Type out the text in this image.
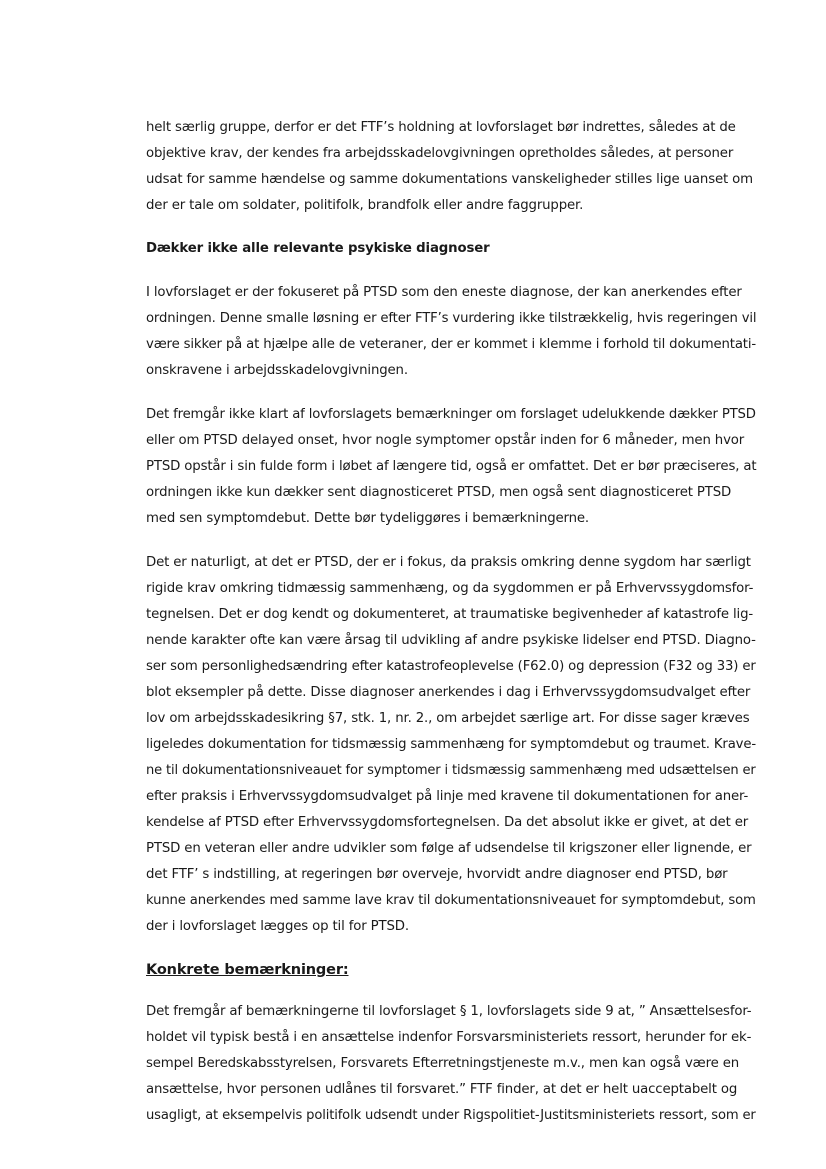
helt særlig gruppe, derfor er det FTF’s holdning at lovforslaget bør indrettes, således at de
objektive krav, der kendes fra arbejdsskadelovgivningen opretholdes således, at personer
udsat for samme hændelse og samme dokumentations vanskeligheder stilles lige uanset om
der er tale om soldater, politifolk, brandfolk eller andre faggrupper.
Dækker ikke alle relevante psykiske diagnoser
I lovforslaget er der fokuseret på PTSD som den eneste diagnose, der kan anerkendes efter
ordningen. Denne smalle løsning er efter FTF’s vurdering ikke tilstrækkelig, hvis regeringen vil
være sikker på at hjælpe alle de veteraner, der er kommet i klemme i forhold til dokumentati-
onskravene i arbejdsskadelovgivningen.
Det fremgår ikke klart af lovforslagets bemærkninger om forslaget udelukkende dækker PTSD
eller om PTSD delayed onset, hvor nogle symptomer opstår inden for 6 måneder, men hvor
PTSD opstår i sin fulde form i løbet af længere tid, også er omfattet. Det er bør præciseres, at
ordningen ikke kun dækker sent diagnosticeret PTSD, men også sent diagnosticeret PTSD
med sen symptomdebut. Dette bør tydeliggøres i bemærkningerne.
Det er naturligt, at det er PTSD, der er i fokus, da praksis omkring denne sygdom har særligt
rigide krav omkring tidmæssig sammenhæng, og da sygdommen er på Erhvervssygdomsfor-
tegnelsen. Det er dog kendt og dokumenteret, at traumatiske begivenheder af katastrofe lig-
nende karakter ofte kan være årsag til udvikling af andre psykiske lidelser end PTSD. Diagno-
ser som personlighedsændring efter katastrofeoplevelse (F62.0) og depression (F32 og 33) er
blot eksempler på dette. Disse diagnoser anerkendes i dag i Erhvervssygdomsudvalget efter
lov om arbejdsskadesikring §7, stk. 1, nr. 2., om arbejdet særlige art. For disse sager kræves
ligeledes dokumentation for tidsmæssig sammenhæng for symptomdebut og traumet. Krave-
ne til dokumentationsniveauet for symptomer i tidsmæssig sammenhæng med udsættelsen er
efter praksis i Erhvervssygdomsudvalget på linje med kravene til dokumentationen for aner-
kendelse af PTSD efter Erhvervssygdomsfortegnelsen. Da det absolut ikke er givet, at det er
PTSD en veteran eller andre udvikler som følge af udsendelse til krigszoner eller lignende, er
det FTF’ s indstilling, at regeringen bør overveje, hvorvidt andre diagnoser end PTSD, bør
kunne anerkendes med samme lave krav til dokumentationsniveauet for symptomdebut, som
der i lovforslaget lægges op til for PTSD.
Konkrete bemærkninger:
Det fremgår af bemærkningerne til lovforslaget § 1, lovforslagets side 9 at, ” Ansættelsesfor-
holdet vil typisk bestå i en ansættelse indenfor Forsvarsministeriets ressort, herunder for ek-
sempel Beredskabsstyrelsen, Forsvarets Efterretningstjeneste m.v., men kan også være en
ansættelse, hvor personen udlånes til forsvaret.” FTF finder, at det er helt uacceptabelt og
usagligt, at eksempelvis politifolk udsendt under Rigspolitiet-Justitsministeriets ressort, som er
